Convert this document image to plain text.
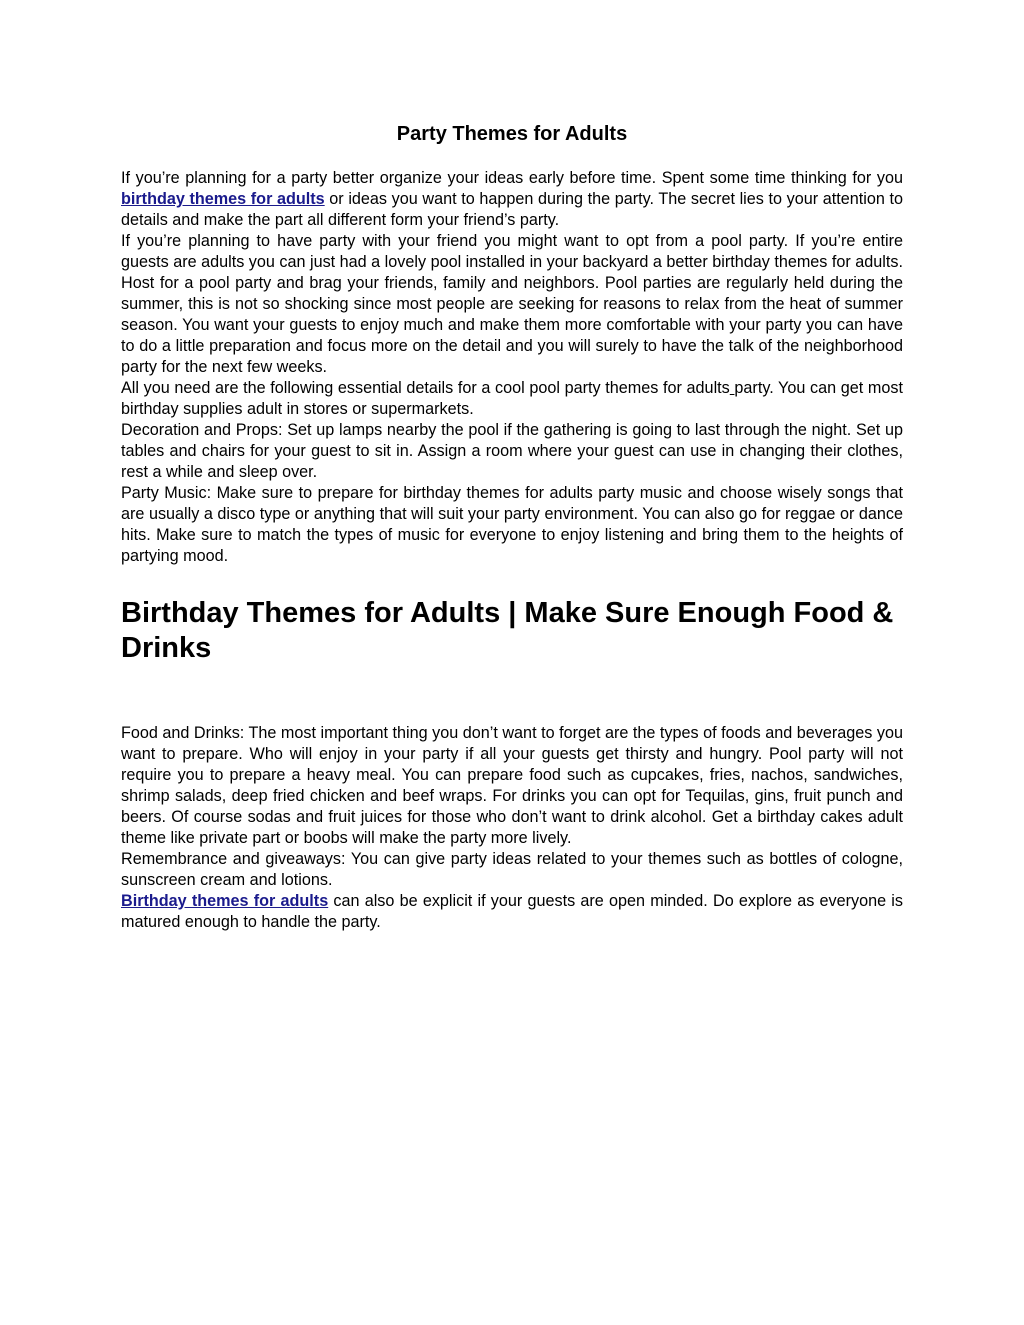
Party Themes for Adults

If you’re planning for a party better organize your ideas early before time. Spent some time thinking for you birthday themes for adults or ideas you want to happen during the party. The secret lies to your attention to details and make the part all different form your friend’s party.

If you’re planning to have party with your friend you might want to opt from a pool party. If you’re entire guests are adults you can just had a lovely pool installed in your backyard a better birthday themes for adults. Host for a pool party and brag your friends, family and neighbors. Pool parties are regularly held during the summer, this is not so shocking since most people are seeking for reasons to relax from the heat of summer season. You want your guests to enjoy much and make them more comfortable with your party you can have to do a little preparation and focus more on the detail and you will surely to have the talk of the neighborhood party for the next few weeks.

All you need are the following essential details for a cool pool party themes for adults party. You can get most birthday supplies adult in stores or supermarkets.

Decoration and Props: Set up lamps nearby the pool if the gathering is going to last through the night. Set up tables and chairs for your guest to sit in. Assign a room where your guest can use in changing their clothes, rest a while and sleep over.

Party Music: Make sure to prepare for birthday themes for adults party music and choose wisely songs that are usually a disco type or anything that will suit your party environment. You can also go for reggae or dance hits. Make sure to match the types of music for everyone to enjoy listening and bring them to the heights of partying mood.

Birthday Themes for Adults | Make Sure Enough Food & Drinks

Food and Drinks: The most important thing you don’t want to forget are the types of foods and beverages you want to prepare. Who will enjoy in your party if all your guests get thirsty and hungry. Pool party will not require you to prepare a heavy meal. You can prepare food such as cupcakes, fries, nachos, sandwiches, shrimp salads, deep fried chicken and beef wraps. For drinks you can opt for Tequilas, gins, fruit punch and beers. Of course sodas and fruit juices for those who don’t want to drink alcohol. Get a birthday cakes adult theme like private part or boobs will make the party more lively.

Remembrance and giveaways: You can give party ideas related to your themes such as bottles of cologne, sunscreen cream and lotions.

Birthday themes for adults can also be explicit if your guests are open minded. Do explore as everyone is matured enough to handle the party.
